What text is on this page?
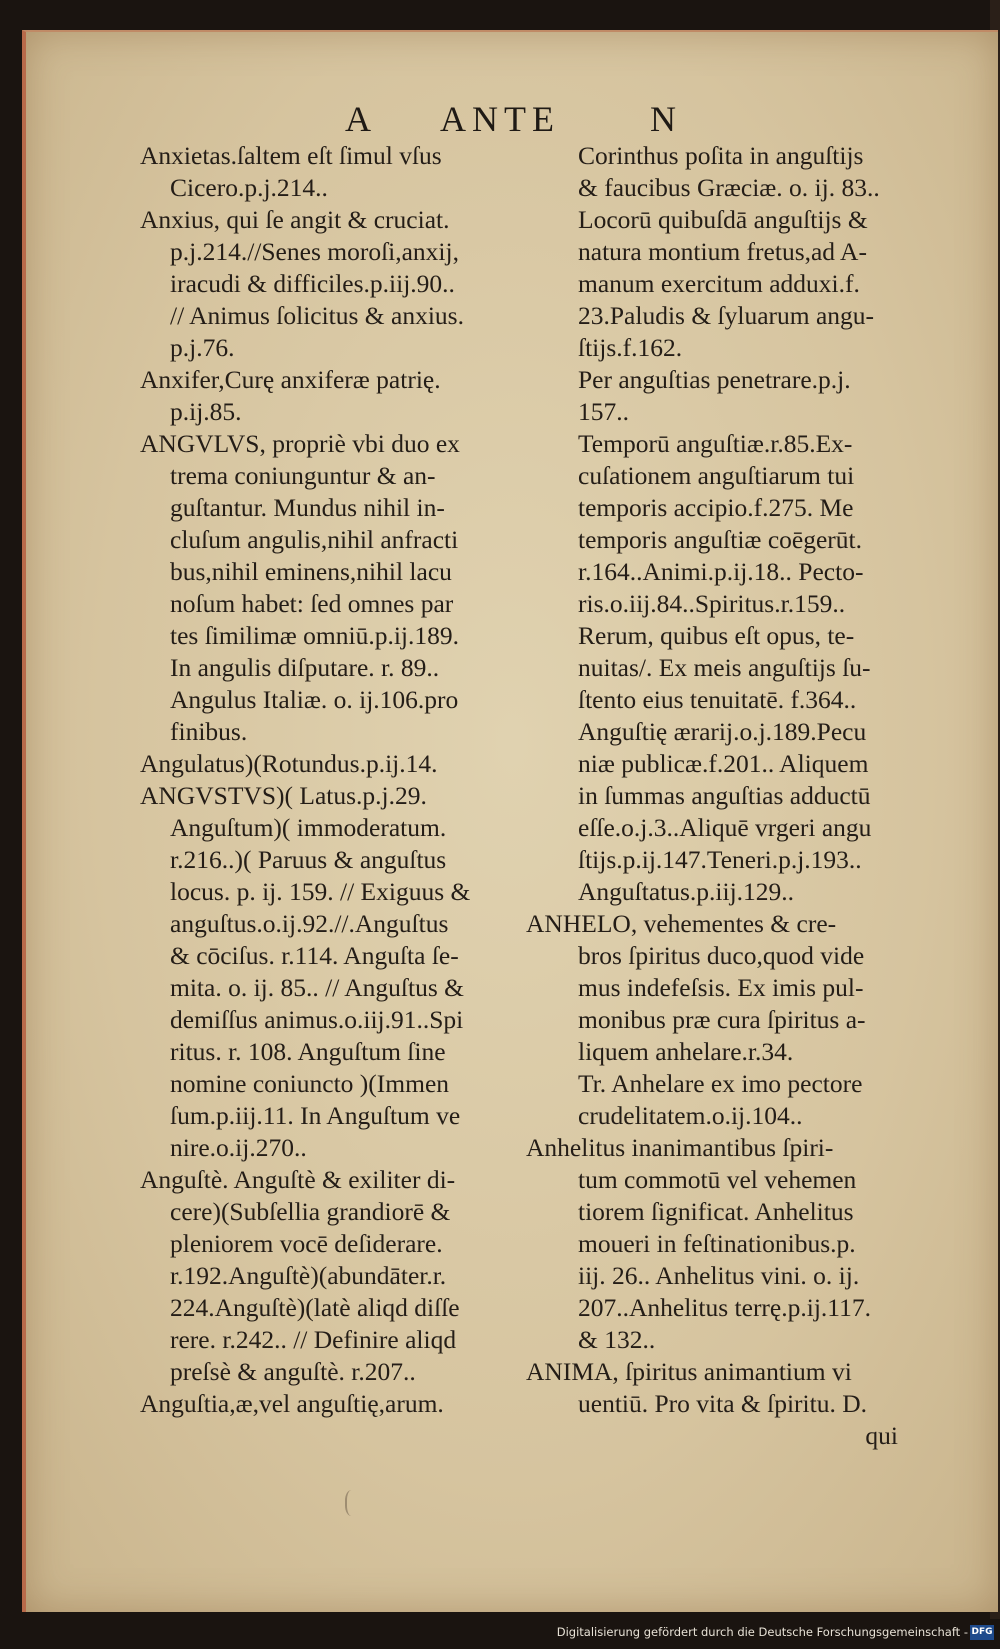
A ANTE	N
Anxietas.ſaltem eſt ſimul vſus
Cicero.p.j.214..
Anxius, qui ſe angit & cruciat.
p.j.214.//Senes moroſi,anxij,
iracudi & difficiles.p.iij.90..
// Animus ſolicitus & anxius.
p.j.76.
Anxifer,Curę anxiferæ patrię.
p.ij.85.
ANGVLVS, propriè vbi duo ex
trema coniunguntur & an-
guſtantur. Mundus nihil in-
cluſum angulis,nihil anfracti
bus,nihil eminens,nihil lacu
noſum habet: ſed omnes par
tes ſimilimæ omniū.p.ij.189.
In angulis diſputare. r. 89..
Angulus Italiæ. o. ij.106.pro
finibus.
Angulatus)(Rotundus.p.ij.14.
ANGVSTVS)( Latus.p.j.29.
Anguſtum)( immoderatum.
r.216..)( Paruus & anguſtus
locus. p. ij. 159. // Exiguus &
anguſtus.o.ij.92.//.Anguſtus
& cōciſus. r.114. Anguſta ſe-
mita. o. ij. 85.. // Anguſtus &
demiſſus animus.o.iij.91..Spi
ritus. r. 108. Anguſtum ſine
nomine coniuncto )(Immen
ſum.p.iij.11. In Anguſtum ve
nire.o.ij.270..
Anguſtè. Anguſtè & exiliter di-
cere)(Subſellia grandiorē &
pleniorem vocē deſiderare.
r.192.Anguſtè)(abundāter.r.
224.Anguſtè)(latè aliqd diſſe
rere. r.242.. // Definire aliqd
preſsè & anguſtè. r.207..
Anguſtia,æ,vel anguſtię,arum.
Corinthus poſita in anguſtijs
& faucibus Græciæ. o. ij. 83..
Locorū quibuſdā anguſtijs &
natura montium fretus,ad A-
manum exercitum adduxi.f.
23.Paludis & ſyluarum angu-
ſtijs.f.162.
Per anguſtias penetrare.p.j.
157..
Temporū anguſtiæ.r.85.Ex-
cuſationem anguſtiarum tui
temporis accipio.f.275. Me
temporis anguſtiæ coēgerūt.
r.164..Animi.p.ij.18.. Pecto-
ris.o.iij.84..Spiritus.r.159..
Rerum, quibus eſt opus, te-
nuitas/. Ex meis anguſtijs ſu-
ſtento eius tenuitatē. f.364..
Anguſtię ærarij.o.j.189.Pecu
niæ publicæ.f.201.. Aliquem
in ſummas anguſtias adductū
eſſe.o.j.3..Aliquē vrgeri angu
ſtijs.p.ij.147.Teneri.p.j.193..
Anguſtatus.p.iij.129..
ANHELO, vehementes & cre-
bros ſpiritus duco,quod vide
mus indefeſsis. Ex imis pul-
monibus præ cura ſpiritus a-
liquem anhelare.r.34.
Tr. Anhelare ex imo pectore
crudelitatem.o.ij.104..
Anhelitus inanimantibus ſpiri-
tum commotū vel vehemen
tiorem ſignificat. Anhelitus
moueri in feſtinationibus.p.
iij. 26.. Anhelitus vini. o. ij.
207..Anhelitus terrę.p.ij.117.
& 132..
ANIMA, ſpiritus animantium vi
uentiū. Pro vita & ſpiritu. D.
qui
Digitalisierung gefördert durch die Deutsche Forschungsgemeinschaft - DFG
